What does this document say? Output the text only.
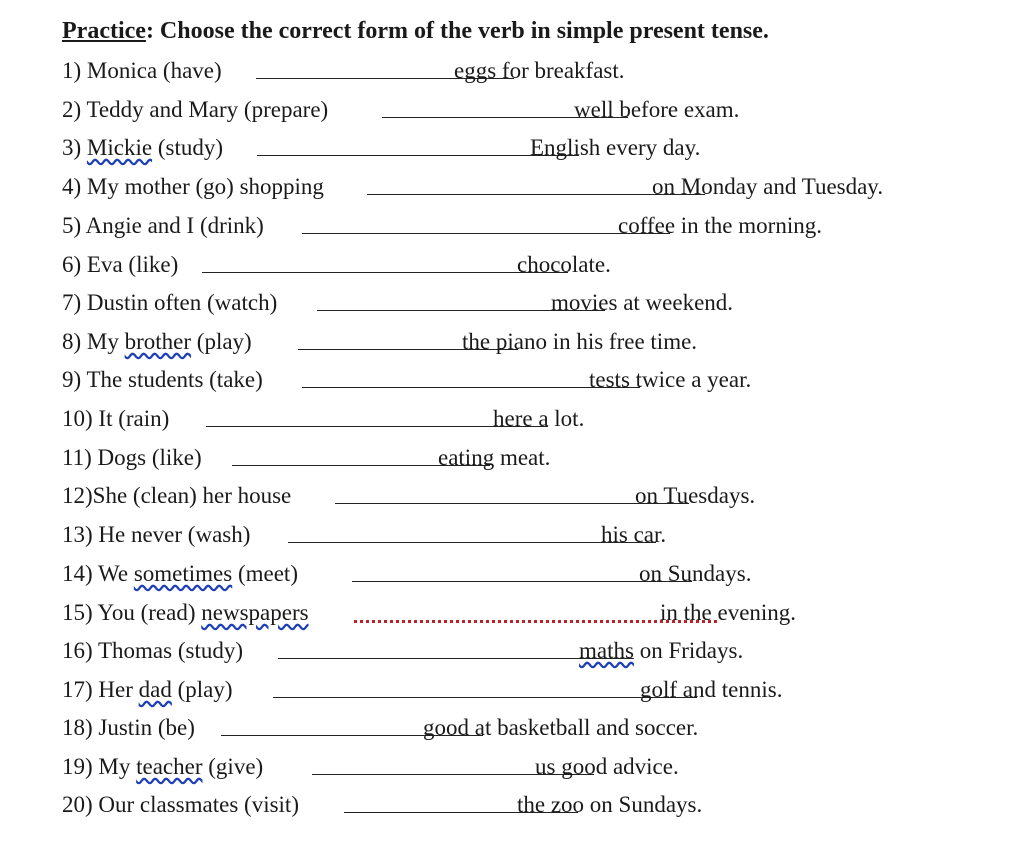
Practice: Choose the correct form of the verb in simple present tense.
1) Monica (have)	eggs for breakfast.
2) Teddy and Mary (prepare)	well before exam.
3) Mickie (study)	English every day.
4) My mother (go) shopping	on Monday and Tuesday.
5) Angie and I (drink)	coffee in the morning.
6) Eva (like)	chocolate.
7) Dustin often (watch)	movies at weekend.
8) My brother (play)	the piano in his free time.
9) The students (take)	tests twice a year.
10) It (rain)	here a lot.
11) Dogs (like)	eating meat.
12)She (clean) her house	on Tuesdays.
13) He never (wash)	his car.
14) We sometimes (meet)	on Sundays.
15) You (read) newspapers	in the evening.
16) Thomas (study)	maths on Fridays.
17) Her dad (play)	golf and tennis.
18) Justin (be)	good at basketball and soccer.
19) My teacher (give)	us good advice.
20) Our classmates (visit)	the zoo on Sundays.
